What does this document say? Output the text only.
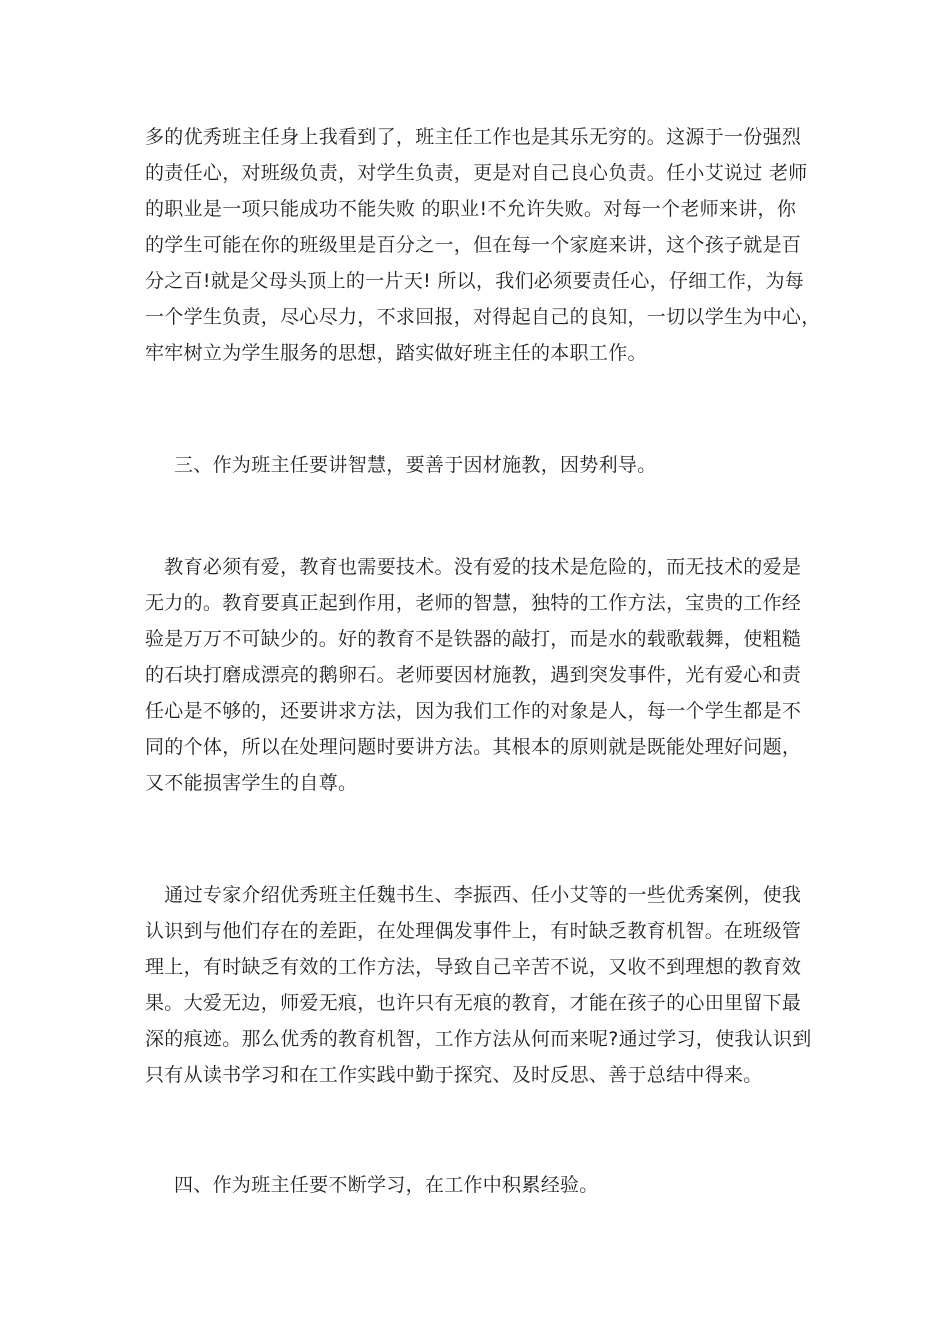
多的优秀班主任身上我看到了，班主任工作也是其乐无穷的。这源于一份强烈
的责任心，对班级负责，对学生负责，更是对自己良心负责。任小艾说过 老师
的职业是一项只能成功不能失败 的职业!不允许失败。对每一个老师来讲，你
的学生可能在你的班级里是百分之一，但在每一个家庭来讲，这个孩子就是百
分之百!就是父母头顶上的一片天! 所以，我们必须要责任心，仔细工作，为每
一个学生负责，尽心尽力，不求回报，对得起自己的良知，一切以学生为中心，
牢牢树立为学生服务的思想，踏实做好班主任的本职工作。
三、作为班主任要讲智慧，要善于因材施教，因势利导。
　教育必须有爱，教育也需要技术。没有爱的技术是危险的，而无技术的爱是
无力的。教育要真正起到作用，老师的智慧，独特的工作方法，宝贵的工作经
验是万万不可缺少的。好的教育不是铁器的敲打，而是水的载歌载舞，使粗糙
的石块打磨成漂亮的鹅卵石。老师要因材施教，遇到突发事件，光有爱心和责
任心是不够的，还要讲求方法，因为我们工作的对象是人，每一个学生都是不
同的个体，所以在处理问题时要讲方法。其根本的原则就是既能处理好问题，
又不能损害学生的自尊。
　通过专家介绍优秀班主任魏书生、李振西、任小艾等的一些优秀案例，使我
认识到与他们存在的差距，在处理偶发事件上，有时缺乏教育机智。在班级管
理上，有时缺乏有效的工作方法，导致自己辛苦不说，又收不到理想的教育效
果。大爱无边，师爱无痕，也许只有无痕的教育，才能在孩子的心田里留下最
深的痕迹。那么优秀的教育机智，工作方法从何而来呢?通过学习，使我认识到
只有从读书学习和在工作实践中勤于探究、及时反思、善于总结中得来。
四、作为班主任要不断学习，在工作中积累经验。
